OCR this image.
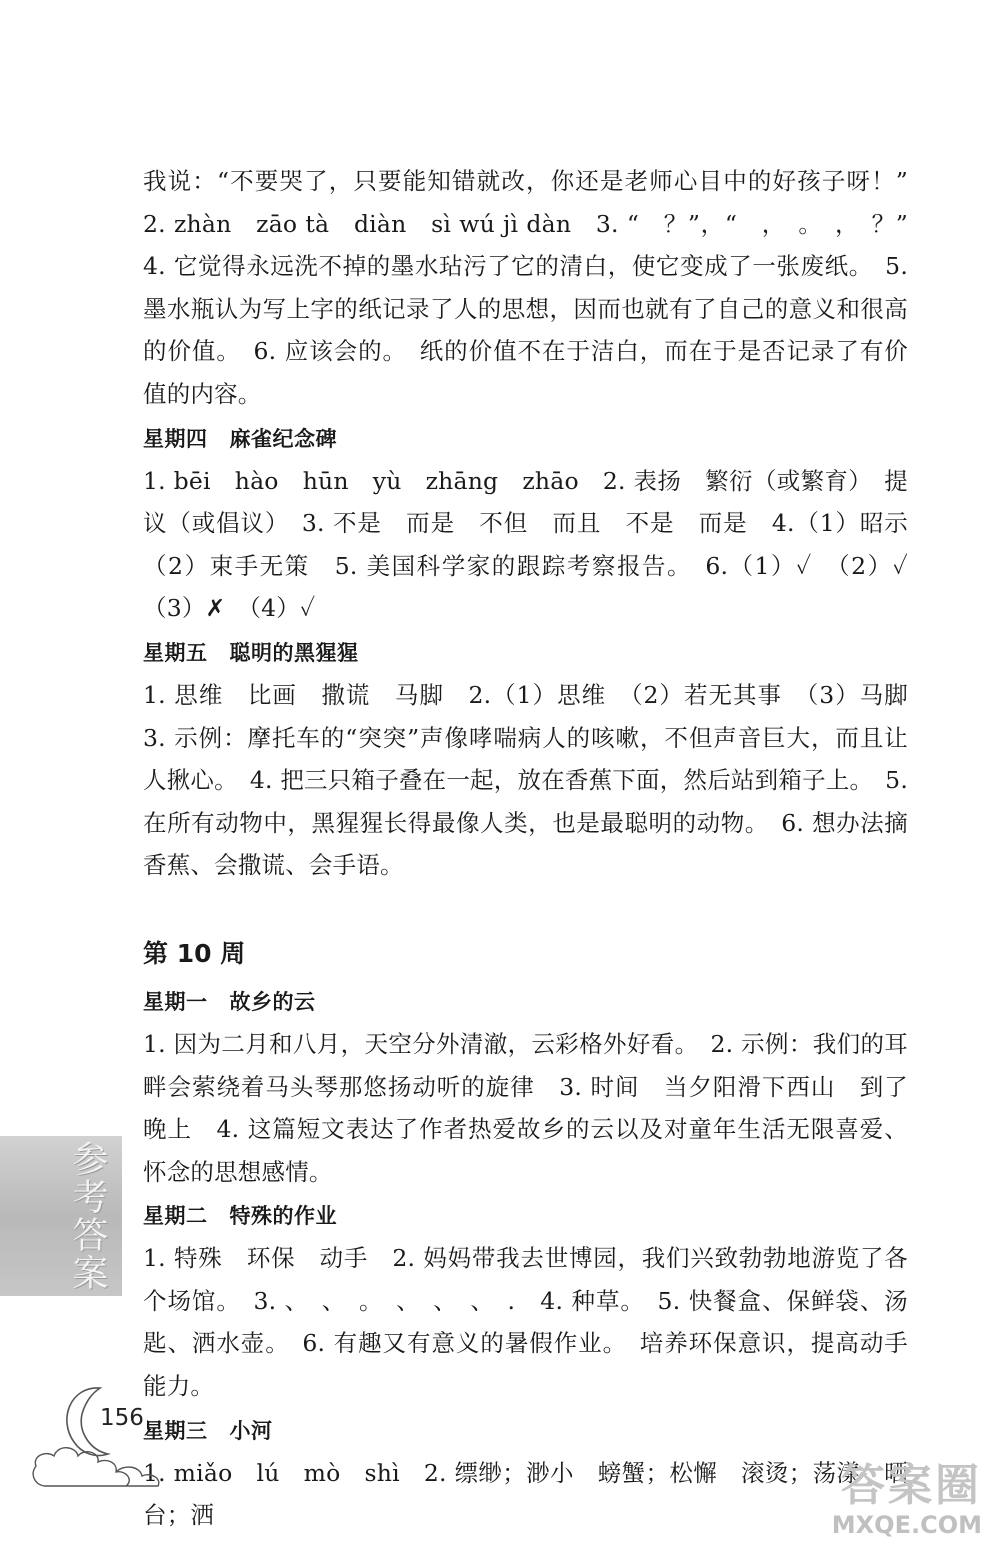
参考答案

我说：“不要哭了，只要能知错就改，你还是老师心目中的好孩子呀！” 2. zhàn　zāo tà　diàn　sì wú jì dàn　3. “　？”，“　，　。　，　？” 4. 它觉得永远洗不掉的墨水玷污了它的清白，使它变成了一张废纸。　5. 墨水瓶认为写上字的纸记录了人的思想，因而也就有了自己的意义和很高的价值。　6. 应该会的。　纸的价值不在于洁白，而在于是否记录了有价值的内容。

星期四 麻雀纪念碑

1. bēi　hào　hūn　yù　zhāng　zhāo　2. 表扬　繁衍（或繁育）　提议（或倡议）　3. 不是　而是　不但　而且　不是　而是　4.（1）昭示　（2）束手无策　5. 美国科学家的跟踪考察报告。　6.（1）✓　（2）✓　（3）✗　（4）✓

星期五 聪明的黑猩猩

1. 思维　比画　撒谎　马脚　2.（1）思维　（2）若无其事　（3）马脚　3. 示例：摩托车的“突突”声像哮喘病人的咳嗽，不但声音巨大，而且让人揪心。　4. 把三只箱子叠在一起，放在香蕉下面，然后站到箱子上。　5. 在所有动物中，黑猩猩长得最像人类，也是最聪明的动物。　6. 想办法摘香蕉、会撒谎、会手语。

第 10 周
星期一 故乡的云

1. 因为二月和八月，天空分外清澈，云彩格外好看。　2. 示例：我们的耳畔会萦绕着马头琴那悠扬动听的旋律　3. 时间　当夕阳滑下西山　到了晚上　4. 这篇短文表达了作者热爱故乡的云以及对童年生活无限喜爱、怀念的思想感情。

星期二 特殊的作业

1. 特殊　环保　动手　2. 妈妈带我去世博园，我们兴致勃勃地游览了各个场馆。　3. 、　、　。　、　、　、　.　4. 种草。　5. 快餐盒、保鲜袋、汤匙、洒水壶。　6. 有趣又有意义的暑假作业。　培养环保意识，提高动手能力。

星期三 小河

1. miǎo　lú　mò　shì　2. 缥缈；渺小　螃蟹；松懈　滚烫；荡漾　晒台；洒

156
答案圈
MXQE.COM
